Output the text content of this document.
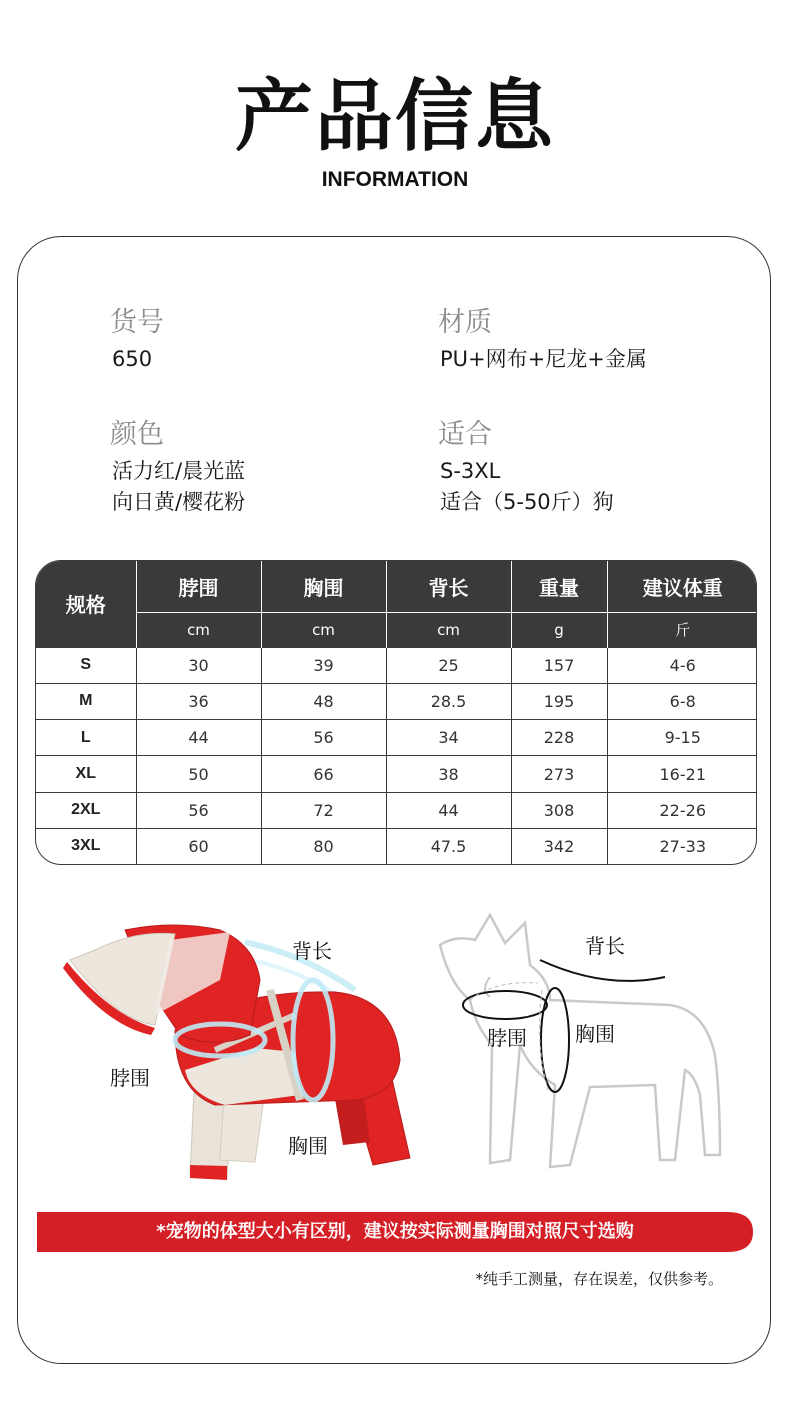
产品信息
INFORMATION
货号
650
材质
PU+网布+尼龙+金属
颜色
活力红/晨光蓝
向日黄/樱花粉
适合
S-3XL
适合（5-50斤）狗
规格	脖围	胸围	背长	重量	建议体重
	cm	cm	cm	g	斤
S	30	39	25	157	4-6
M	36	48	28.5	195	6-8
L	44	56	34	228	9-15
XL	50	66	38	273	16-21
2XL	56	72	44	308	22-26
3XL	60	80	47.5	342	27-33
背长
脖围
胸围
背长
脖围 胸围
*宠物的体型大小有区别，建议按实际测量胸围对照尺寸选购
*纯手工测量，存在误差，仅供参考。
